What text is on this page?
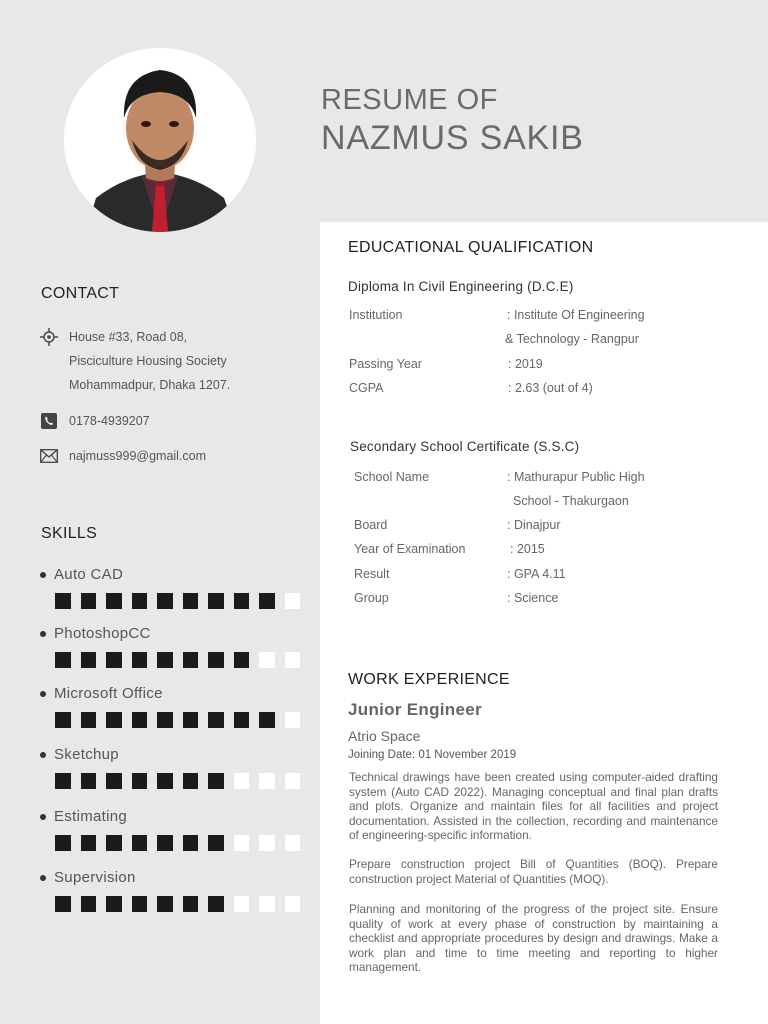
RESUME OF
NAZMUS SAKIB
CONTACT
House #33, Road 08,
Pisciculture Housing Society
Mohammadpur, Dhaka 1207.
0178-4939207
najmuss999@gmail.com
SKILLS
Auto CAD
PhotoshopCC
Microsoft Office
Sketchup
Estimating
Supervision
EDUCATIONAL QUALIFICATION
Diploma In Civil Engineering (D.C.E)
Institution	: Institute Of Engineering
& Technology - Rangpur
Passing Year	: 2019
CGPA	: 2.63 (out of 4)
Secondary School Certificate (S.S.C)
School Name	: Mathurapur Public High
School - Thakurgaon
Board	: Dinajpur
Year of Examination	: 2015
Result	: GPA 4.11
Group	: Science
WORK EXPERIENCE
Junior Engineer
Atrio Space
Joining Date: 01 November 2019
Technical drawings have been created using computer-aided drafting system (Auto CAD 2022). Managing conceptual and final plan drafts and plots. Organize and maintain files for all facilities and project documentation. Assisted in the collection, recording and maintenance of engineering-specific information.
Prepare construction project Bill of Quantities (BOQ). Prepare construction project Material of Quantities (MOQ).
Planning and monitoring of the progress of the project site. Ensure quality of work at every phase of construction by maintaining a checklist and appropriate procedures by design and drawings. Make a work plan and time to time meeting and reporting to higher management.
